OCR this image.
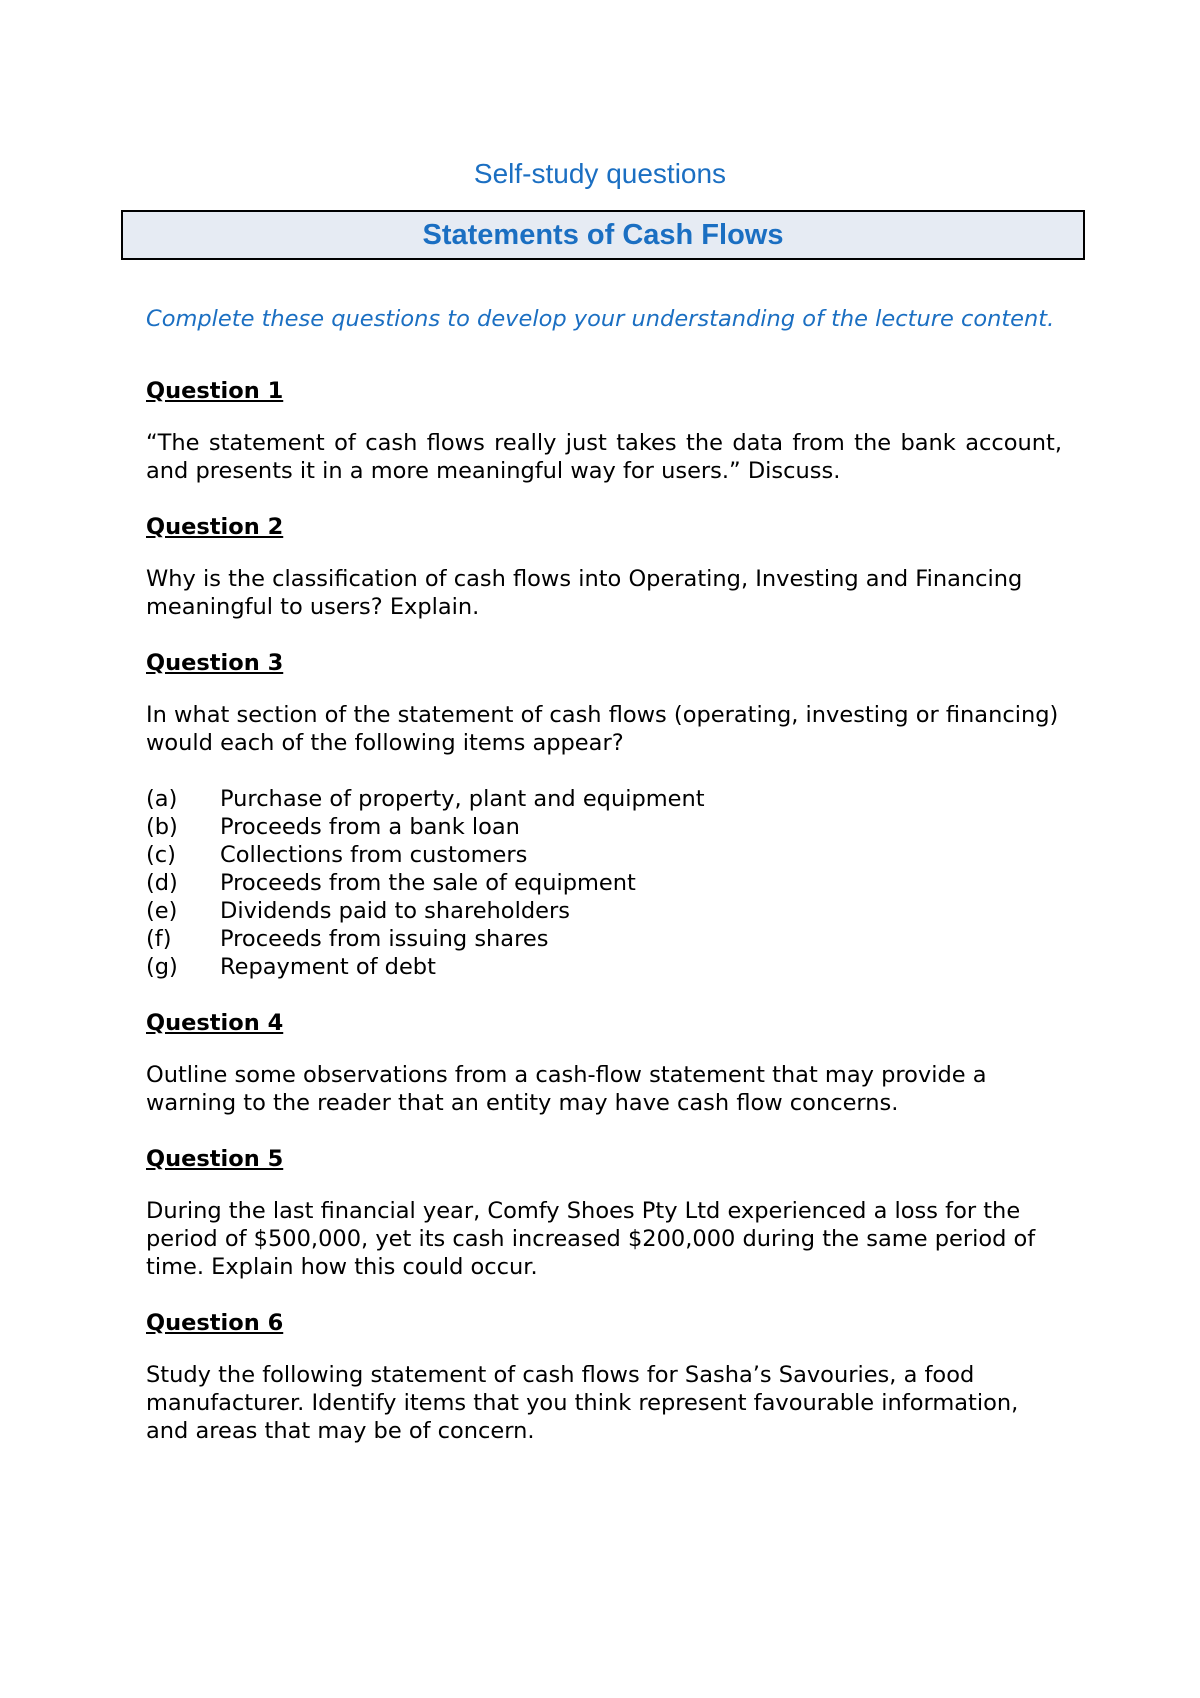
Self-study questions
Statements of Cash Flows

Complete these questions to develop your understanding of the lecture content.

Question 1

“The statement of cash flows really just takes the data from the bank account, and presents it in a more meaningful way for users.” Discuss.

Question 2

Why is the classification of cash flows into Operating, Investing and Financing meaningful to users? Explain.

Question 3

In what section of the statement of cash flows (operating, investing or financing) would each of the following items appear?

(a)	Purchase of property, plant and equipment
(b)	Proceeds from a bank loan
(c)	Collections from customers
(d)	Proceeds from the sale of equipment
(e)	Dividends paid to shareholders
(f)	Proceeds from issuing shares
(g)	Repayment of debt
Question 4

Outline some observations from a cash-flow statement that may provide a warning to the reader that an entity may have cash flow concerns.

Question 5

During the last financial year, Comfy Shoes Pty Ltd experienced a loss for the period of $500,000, yet its cash increased $200,000 during the same period of time. Explain how this could occur.

Question 6

Study the following statement of cash flows for Sasha’s Savouries, a food manufacturer. Identify items that you think represent favourable information, and areas that may be of concern.
